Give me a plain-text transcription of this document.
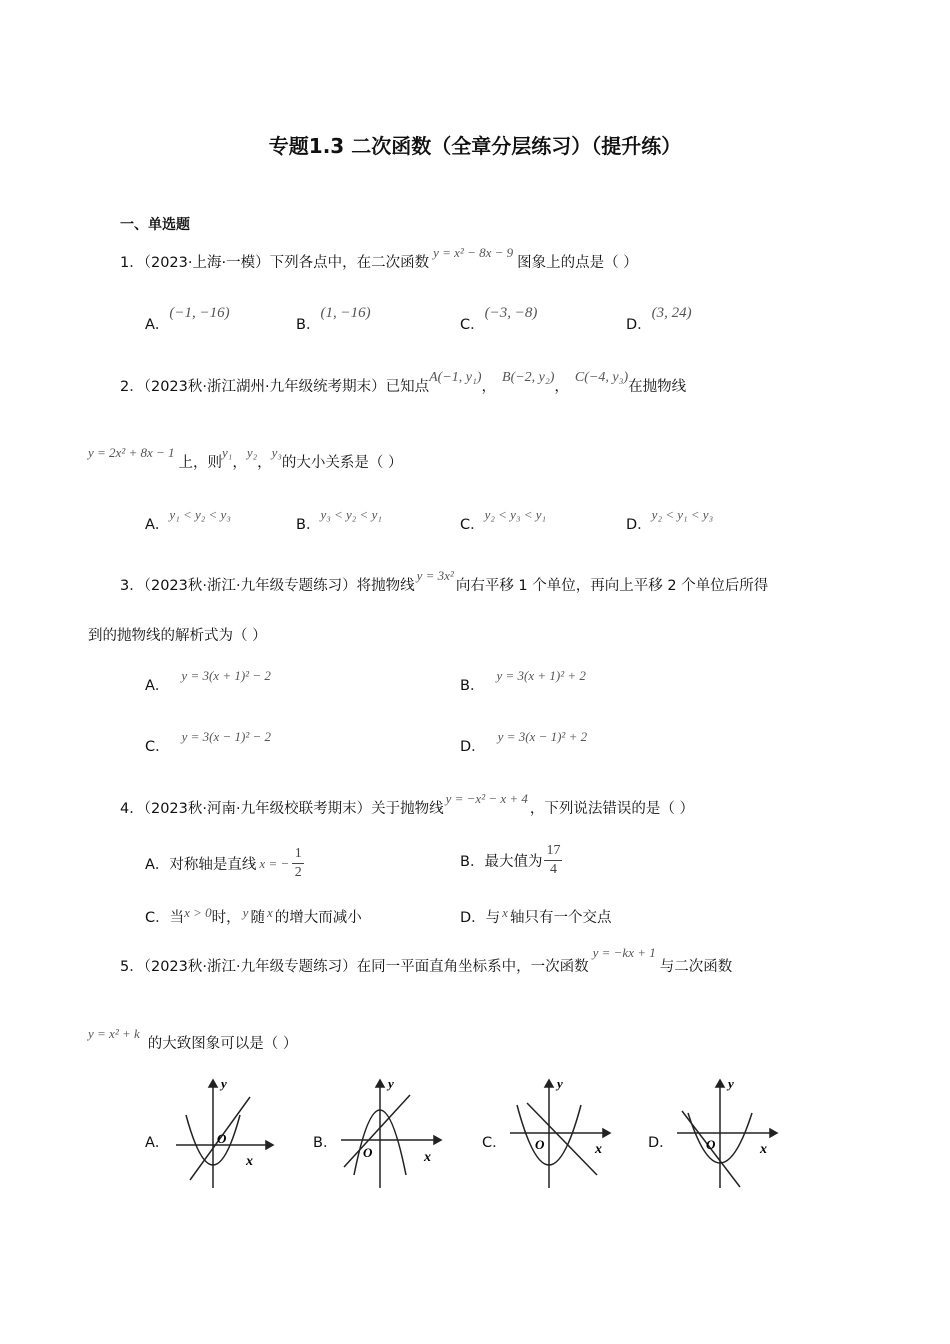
专题1.3 二次函数（全章分层练习）（提升练）
一、单选题
1．（2023·上海·一模）下列各点中，在二次函数y = x² − 8x − 9图象上的点是（ ）
A．(−1, −16)
B．(1, −16)
C．(−3, −8)
D．(3, 24)
2．（2023秋·浙江湖州·九年级统考期末）已知点A(−1, y₁)，B(−2, y₂)，C(−4, y₃)在抛物线
y = 2x² + 8x − 1上，则y₁，y₂，y₃的大小关系是（ ）
A．y₁ < y₂ < y₃
B．y₃ < y₂ < y₁
C．y₂ < y₃ < y₁
D．y₂ < y₁ < y₃
3．（2023秋·浙江·九年级专题练习）将抛物线y = 3x²向右平移 1 个单位，再向上平移 2 个单位后所得
到的抛物线的解析式为（ ）
A．y = 3(x + 1)² − 2
B．y = 3(x + 1)² + 2
C．y = 3(x − 1)² − 2
D．y = 3(x − 1)² + 2
4．（2023秋·河南·九年级校联考期末）关于抛物线y = −x² − x + 4，下列说法错误的是（ ）
A． 对称轴是直线 x = −
1
2
B． 最大值为
17
4
C．当x > 0时， y 随 x 的增大而减小	D．与 x 轴只有一个交点
5．（2023秋·浙江·九年级专题练习）在同一平面直角坐标系中，一次函数y = −kx + 1与二次函数
y = x² + k的大致图象可以是（ ）
A．	B．	C．	D．
y
x
O
y
x
O
y
x
O
y
x
O
